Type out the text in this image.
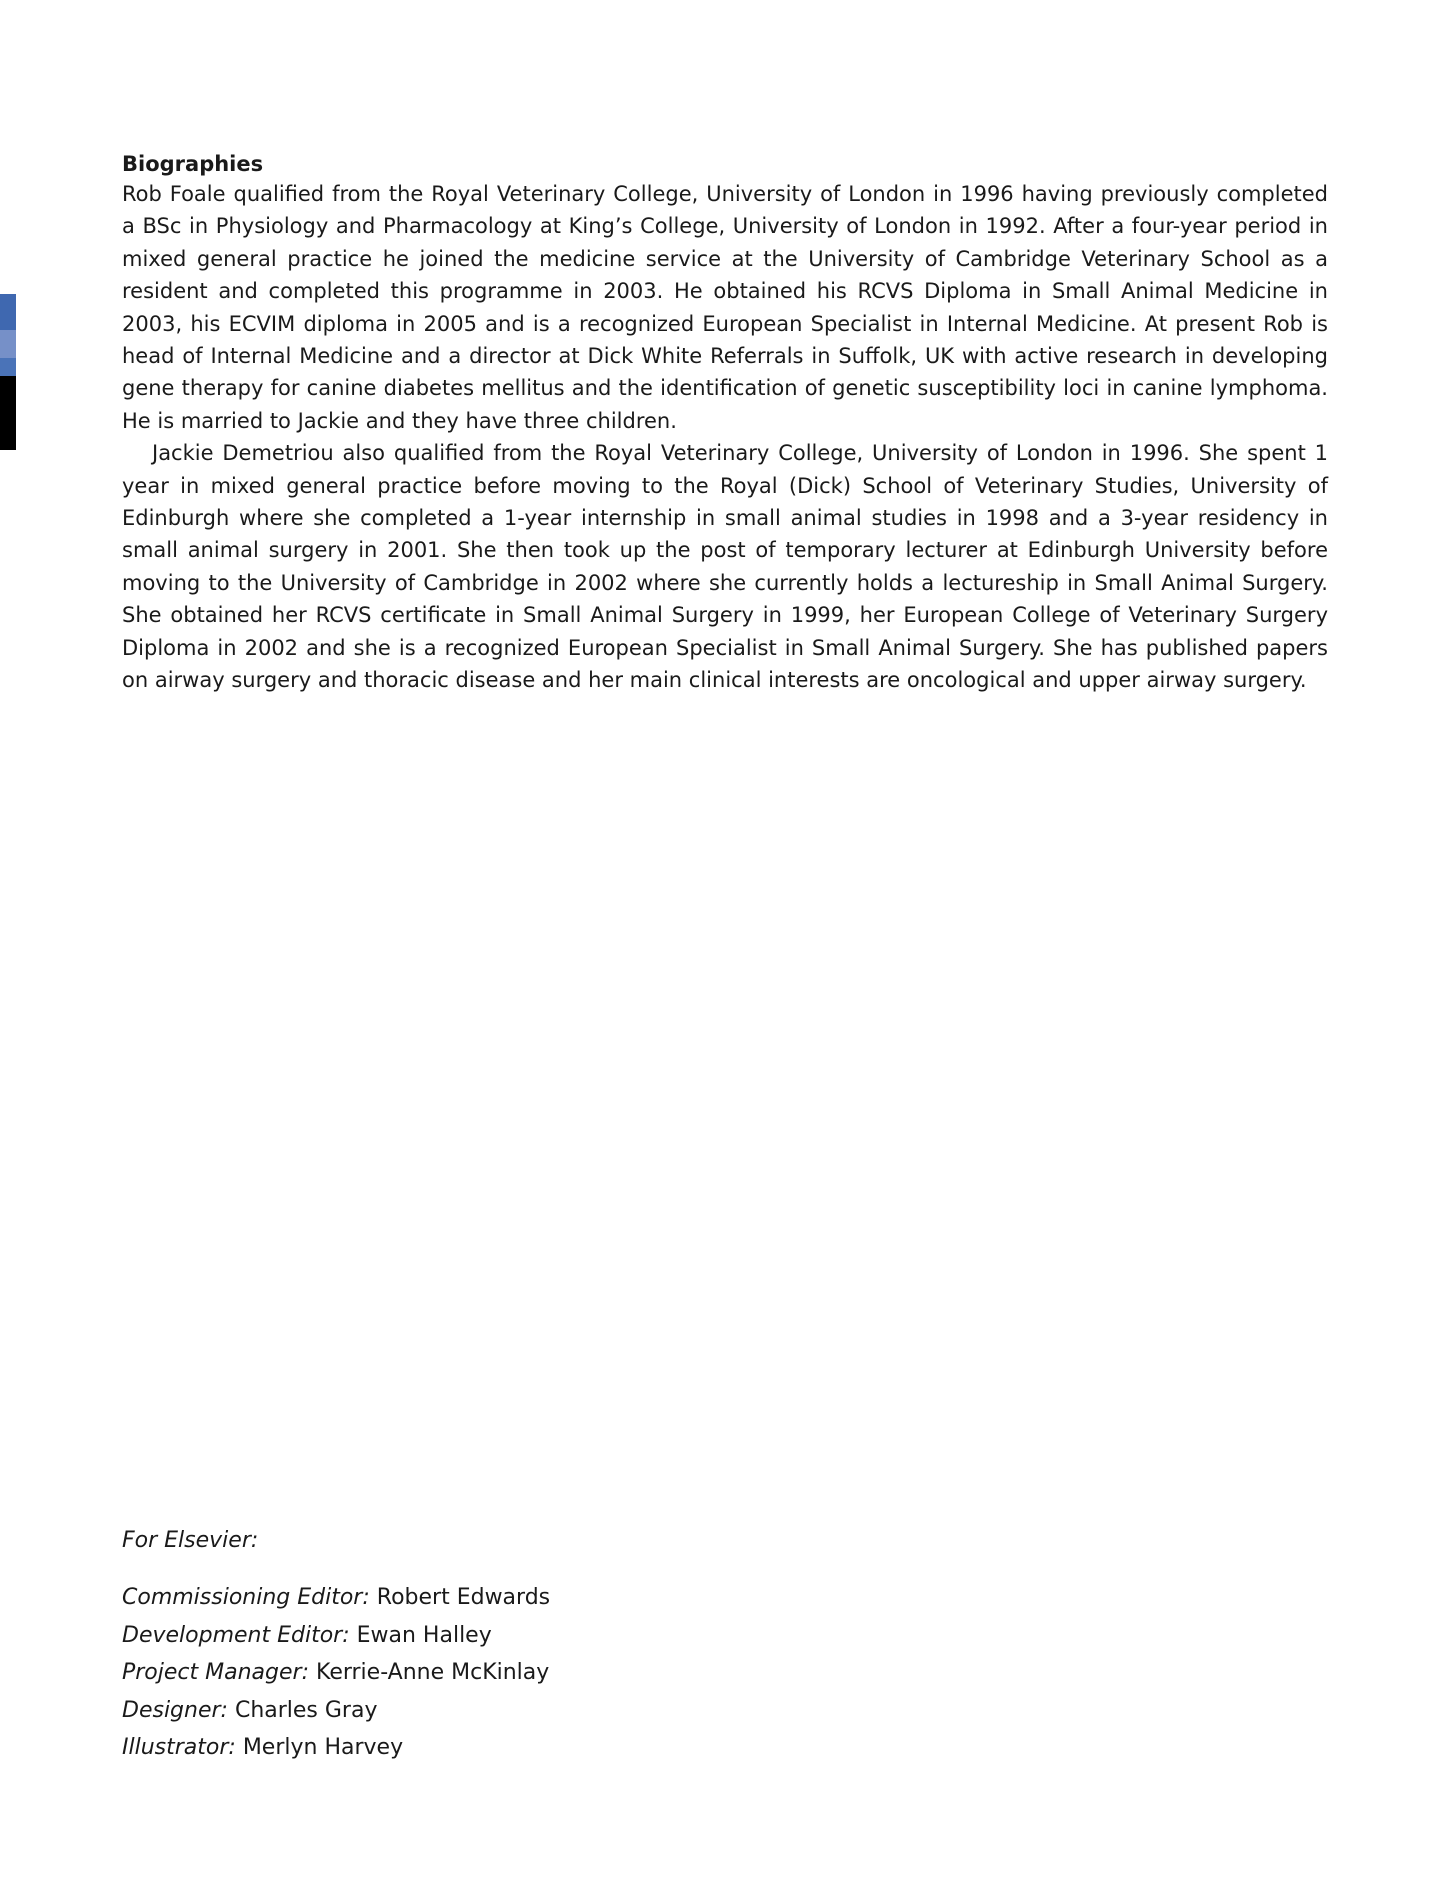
Biographies

Rob Foale qualified from the Royal Veterinary College, University of London in 1996 having previously completed a BSc in Physiology and Pharmacology at King’s College, University of London in 1992. After a four-year period in mixed general practice he joined the medicine service at the University of Cambridge Veterinary School as a resident and completed this programme in 2003. He obtained his RCVS Diploma in Small Animal Medicine in 2003, his ECVIM diploma in 2005 and is a recognized European Specialist in Internal Medicine. At present Rob is head of Internal Medicine and a director at Dick White Referrals in Suffolk, UK with active research in developing gene therapy for canine diabetes mellitus and the identification of genetic susceptibility loci in canine lymphoma. He is married to Jackie and they have three children.

Jackie Demetriou also qualified from the Royal Veterinary College, University of London in 1996. She spent 1 year in mixed general practice before moving to the Royal (Dick) School of Veterinary Studies, University of Edinburgh where she completed a 1-year internship in small animal studies in 1998 and a 3-year residency in small animal surgery in 2001. She then took up the post of temporary lecturer at Edinburgh University before moving to the University of Cambridge in 2002 where she currently holds a lectureship in Small Animal Surgery. She obtained her RCVS certificate in Small Animal Surgery in 1999, her European College of Veterinary Surgery Diploma in 2002 and she is a recognized European Specialist in Small Animal Surgery. She has published papers on airway surgery and thoracic disease and her main clinical interests are oncological and upper airway surgery.

For Elsevier:

Commissioning Editor: Robert Edwards

Development Editor: Ewan Halley

Project Manager: Kerrie-Anne McKinlay

Designer: Charles Gray

Illustrator: Merlyn Harvey
